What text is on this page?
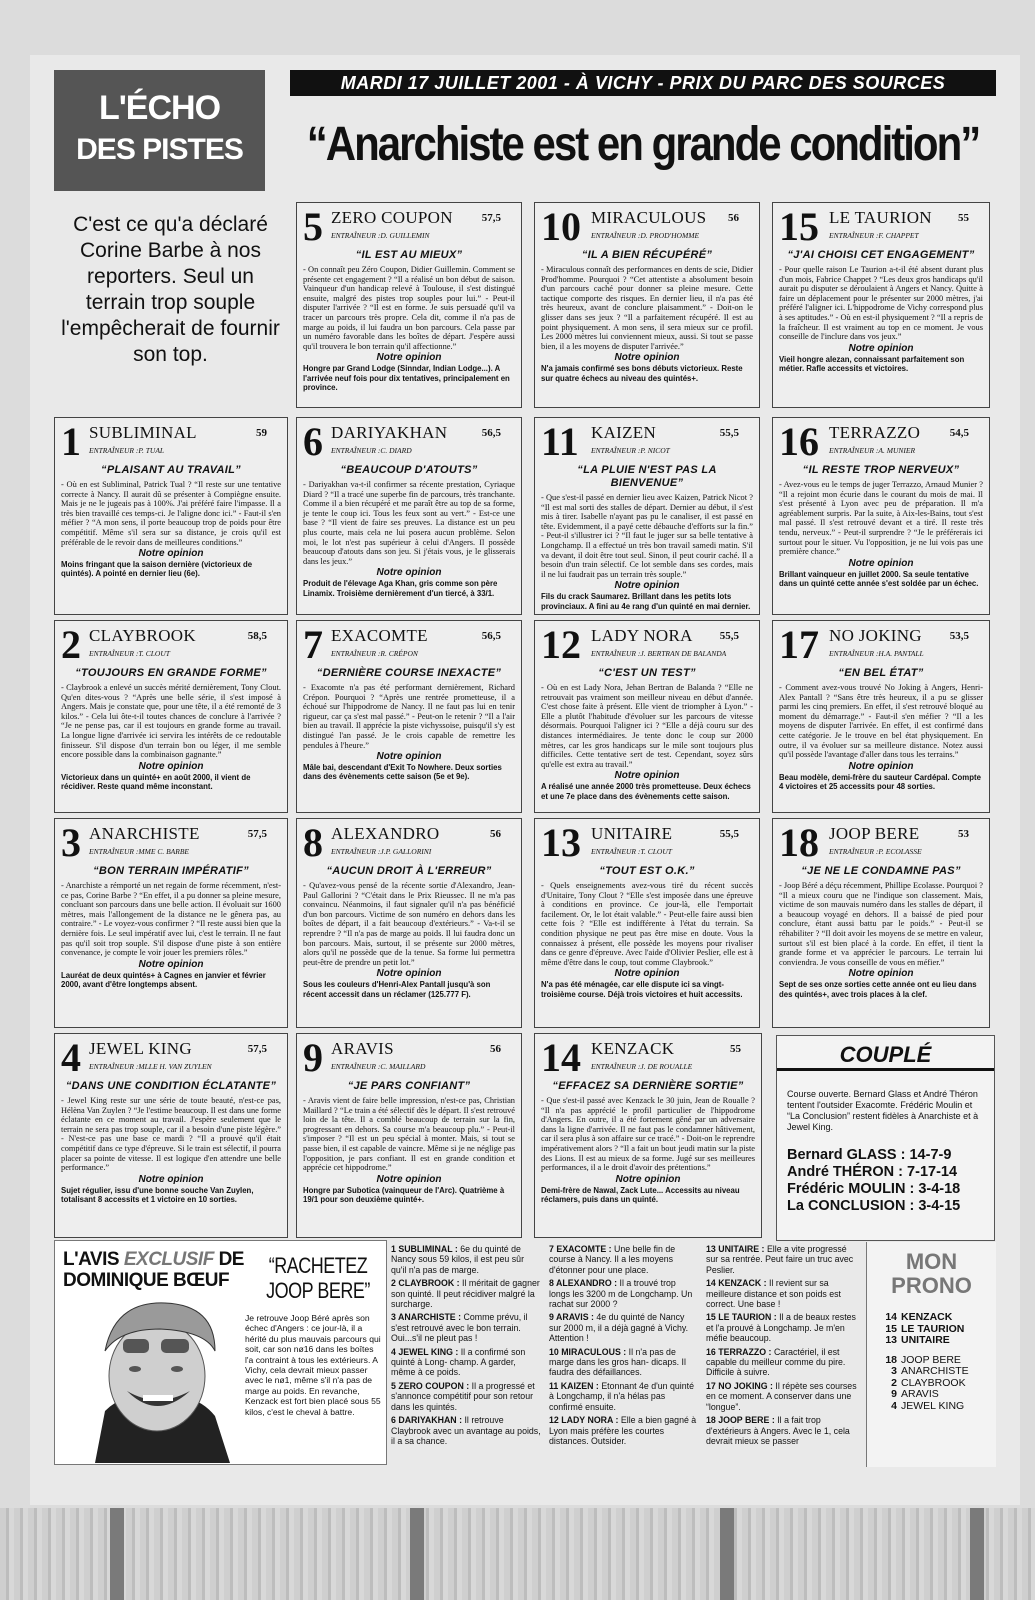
L'ÉCHO
DES PISTES
MARDI 17 JUILLET 2001 - À VICHY - PRIX DU PARC DES SOURCES
“Anarchiste est en grande condition”
C'est ce qu'a déclaré Corine Barbe à nos reporters. Seul un terrain trop souple l'empêcherait de fournir son top.
5 ZERO COUPON	57,5
ENTRAÎNEUR :D. GUILLEMIN
“IL EST AU MIEUX”
- On connaît peu Zéro Coupon, Didier Guillemin. Comment se présente cet engagement ? “Il a réalisé un bon début de saison. Vainqueur d'un handicap relevé à Toulouse, il s'est distingué ensuite, malgré des pistes trop souples pour lui.” - Peut-il disputer l'arrivée ? “Il est en forme. Je suis persuadé qu'il va tracer un parcours très propre. Cela dit, comme il n'a pas de marge au poids, il lui faudra un bon parcours. Cela passe par un numéro favorable dans les boîtes de départ. J'espère aussi qu'il trouvera le bon terrain qu'il affectionne.”
Notre opinion
Hongre par Grand Lodge (Sinndar, Indian Lodge...). A l'arrivée neuf fois pour dix tentatives, principalement en province.
10 MIRACULOUS 56
ENTRAÎNEUR :D. PROD'HOMME
“IL A BIEN RÉCUPÉRÉ”
- Miraculous connaît des performances en dents de scie, Didier Prod'homme. Pourquoi ? “Cet attentiste a absolument besoin d'un parcours caché pour donner sa pleine mesure. Cette tactique comporte des risques. En dernier lieu, il n'a pas été très heureux, avant de conclure plaisamment.” - Doit-on le glisser dans ses jeux ? “Il a parfaitement récupéré. Il est au point physiquement. A mon sens, il sera mieux sur ce profil. Les 2000 mètres lui conviennent mieux, aussi. Si tout se passe bien, il a les moyens de disputer l'arrivée.”
Notre opinion
N'a jamais confirmé ses bons débuts victorieux. Reste sur quatre échecs au niveau des quintés+.
15 LE TAURION 55
ENTRAÎNEUR :F. CHAPPET
“J'AI CHOISI CET ENGAGEMENT”
- Pour quelle raison Le Taurion a-t-il été absent durant plus d'un mois, Fabrice Chappet ? “Les deux gros handicaps qu'il aurait pu disputer se déroulaient à Angers et Nancy. Quitte à faire un déplacement pour le présenter sur 2000 mètres, j'ai préféré l'aligner ici. L'hippodrome de Vichy correspond plus à ses aptitudes.” - Où en est-il physiquement ? “Il a repris de la fraîcheur. Il est vraiment au top en ce moment. Je vous conseille de l'inclure dans vos jeux.”
Notre opinion
Vieil hongre alezan, connaissant parfaitement son métier. Rafle accessits et victoires.
1 SUBLIMINAL	59
ENTRAÎNEUR :P. TUAL
“PLAISANT AU TRAVAIL”
- Où en est Subliminal, Patrick Tual ? “Il reste sur une tentative correcte à Nancy. Il aurait dû se présenter à Compiègne ensuite. Mais je ne le jugeais pas à 100%. J'ai préféré faire l'impasse. Il a très bien travaillé ces temps-ci. Je l'aligne donc ici.” - Faut-il s'en méfier ? “A mon sens, il porte beaucoup trop de poids pour être compétitif. Même s'il sera sur sa distance, je crois qu'il est préférable de le revoir dans de meilleures conditions.”
Notre opinion
Moins fringant que la saison dernière (victorieux de quintés). A pointé en dernier lieu (6e).
6 DARIYAKHAN	56,5
ENTRAÎNEUR :C. DIARD
“BEAUCOUP D'ATOUTS”
- Dariyakhan va-t-il confirmer sa récente prestation, Cyriaque Diard ? “Il a tracé une superbe fin de parcours, très tranchante. Comme il a bien récupéré et me paraît être au top de sa forme, je tente le coup ici. Tous les feux sont au vert.” - Est-ce une base ? “Il vient de faire ses preuves. La distance est un peu plus courte, mais cela ne lui posera aucun problème. Selon moi, le lot n'est pas supérieur à celui d'Angers. Il possède beaucoup d'atouts dans son jeu. Si j'étais vous, je le glisserais dans les jeux.”
Notre opinion
Produit de l'élevage Aga Khan, gris comme son père Linamix. Troisième dernièrement d'un tiercé, à 33/1.
11 KAIZEN	55,5
ENTRAÎNEUR :P. NICOT
“LA PLUIE N'EST PAS LA BIENVENUE”
- Que s'est-il passé en dernier lieu avec Kaizen, Patrick Nicot ? “Il est mal sorti des stalles de départ. Dernier au début, il s'est mis à tirer. Isabelle n'ayant pas pu le canaliser, il est passé en tête. Evidemment, il a payé cette débauche d'efforts sur la fin.” - Peut-il s'illustrer ici ? “Il faut le juger sur sa belle tentative à Longchamp. Il a effectué un très bon travail samedi matin. S'il va devant, il doit être tout seul. Sinon, il peut courir caché. Il a besoin d'un train sélectif. Ce lot semble dans ses cordes, mais il ne lui faudrait pas un terrain très souple.”
Notre opinion
Fils du crack Saumarez. Brillant dans les petits lots provinciaux. A fini au 4e rang d'un quinté en mai dernier.
16 TERRAZZO	54,5
ENTRAÎNEUR :A. MUNIER
“IL RESTE TROP NERVEUX”
- Avez-vous eu le temps de juger Terrazzo, Arnaud Munier ? “Il a rejoint mon écurie dans le courant du mois de mai. Il s'est présenté à Lyon avec peu de préparation. Il m'a agréablement surpris. Par la suite, à Aix-les-Bains, tout s'est mal passé. Il s'est retrouvé devant et a tiré. Il reste très tendu, nerveux.” - Peut-il surprendre ? “Je le préférerais ici surtout pour le situer. Vu l'opposition, je ne lui vois pas une première chance.”
Notre opinion
Brillant vainqueur en juillet 2000. Sa seule tentative dans un quinté cette année s'est soldée par un échec.
2 CLAYBROOK	58,5
ENTRAÎNEUR :T. CLOUT
“TOUJOURS EN GRANDE FORME”
- Claybrook a enlevé un succès mérité dernièrement, Tony Clout. Qu'en dites-vous ? “Après une belle série, il s'est imposé à Angers. Mais je constate que, pour une tête, il a été remonté de 3 kilos.” - Cela lui ôte-t-il toutes chances de conclure à l'arrivée ? “Je ne pense pas, car il est toujours en grande forme au travail. La longue ligne d'arrivée ici servira les intérêts de ce redoutable finisseur. S'il dispose d'un terrain bon ou léger, il me semble encore possible dans la combinaison gagnante.”
Notre opinion
Victorieux dans un quinté+ en août 2000, il vient de récidiver. Reste quand même inconstant.
7 EXACOMTE	56,5
ENTRAÎNEUR :R. CRÉPON
“DERNIÈRE COURSE INEXACTE”
- Exacomte n'a pas été performant dernièrement, Richard Crépon. Pourquoi ? “Après une rentrée prometteuse, il a échoué sur l'hippodrome de Nancy. Il ne faut pas lui en tenir rigueur, car ça s'est mal passé.” - Peut-on le retenir ? “Il a l'air bien au travail. Il apprécie la piste vichyssoise, puisqu'il s'y est distingué l'an passé. Je le crois capable de remettre les pendules à l'heure.”
Notre opinion
Mâle bai, descendant d'Exit To Nowhere. Deux sorties dans des évènements cette saison (5e et 9e).
12 LADY NORA 55,5
ENTRAÎNEUR :J. BERTRAN DE BALANDA
“C'EST UN TEST”
- Où en est Lady Nora, Jehan Bertran de Balanda ? “Elle ne retrouvait pas vraiment son meilleur niveau en début d'année. C'est chose faite à présent. Elle vient de triompher à Lyon.” - Elle a plutôt l'habitude d'évoluer sur les parcours de vitesse désormais. Pourquoi l'aligner ici ? “Elle a déjà couru sur des distances intermédiaires. Je tente donc le coup sur 2000 mètres, car les gros handicaps sur le mile sont toujours plus difficiles. Cette tentative sert de test. Cependant, soyez sûrs qu'elle est extra au travail.”
Notre opinion
A réalisé une année 2000 très prometteuse. Deux échecs et une 7e place dans des évènements cette saison.
17 NO JOKING	53,5
ENTRAÎNEUR :H.A. PANTALL
“EN BEL ÉTAT”
- Comment avez-vous trouvé No Joking à Angers, Henri-Alex Pantall ? “Sans être très heureux, il a pu se glisser parmi les cinq premiers. En effet, il s'est retrouvé bloqué au moment du démarrage.” - Faut-il s'en méfier ? “Il a les moyens de disputer l'arrivée. En effet, il est confirmé dans cette catégorie. Je le trouve en bel état physiquement. En outre, il va évoluer sur sa meilleure distance. Notez aussi qu'il possède l'avantage d'aller dans tous les terrains.”
Notre opinion
Beau modèle, demi-frère du sauteur Cardépal. Compte 4 victoires et 25 accessits pour 48 sorties.
3 ANARCHISTE	57,5
ENTRAÎNEUR :MME C. BARBE
“BON TERRAIN IMPÉRATIF”
- Anarchiste a rémporté un net regain de forme récemment, n'est-ce pas, Corine Barbe ? “En effet, il a pu donner sa pleine mesure, concluant son parcours dans une belle action. Il évoluait sur 1600 mètres, mais l'allongement de la distance ne le gênera pas, au contraire.” - Le voyez-vous confirmer ? “Il reste aussi bien que la dernière fois. Le seul impératif avec lui, c'est le terrain. Il ne faut pas qu'il soit trop souple. S'il dispose d'une piste à son entière convenance, je compte le voir jouer les premiers rôles.”
Notre opinion
Lauréat de deux quintés+ à Cagnes en janvier et février 2000, avant d'être longtemps absent.
8 ALEXANDRO	56
ENTRAÎNEUR :J.P. GALLORINI
“AUCUN DROIT À L'ERREUR”
- Qu'avez-vous pensé de la récente sortie d'Alexandro, Jean-Paul Gallorini ? “C'était dans le Prix Rieussec. Il ne m'a pas convaincu. Néanmoins, il faut signaler qu'il n'a pas bénéficié d'un bon parcours. Victime de son numéro en dehors dans les boîtes de départ, il a fait beaucoup d'extérieurs.” - Va-t-il se reprendre ? “Il n'a pas de marge au poids. Il lui faudra donc un bon parcours. Mais, surtout, il se présente sur 2000 mètres, alors qu'il ne possède que de la tenue. Sa forme lui permettra peut-être de prendre un petit lot.”
Notre opinion
Sous les couleurs d'Henri-Alex Pantall jusqu'à son récent accessit dans un réclamer (125.777 F).
13 UNITAIRE	55,5
ENTRAÎNEUR :T. CLOUT
“TOUT EST O.K.”
- Quels enseignements avez-vous tiré du récent succès d'Unitaire, Tony Clout ? “Elle s'est imposée dans une épreuve à conditions en province. Ce jour-là, elle l'emportait facilement. Or, le lot était valable.” - Peut-elle faire aussi bien cette fois ? “Elle est indifférente à l'état du terrain. Sa condition physique ne peut pas être mise en doute. Vous la connaissez à présent, elle possède les moyens pour rivaliser dans ce genre d'épreuve. Avec l'aide d'Olivier Peslier, elle est à même d'être dans le coup, tout comme Claybrook.”
Notre opinion
N'a pas été ménagée, car elle dispute ici sa vingt-troisième course. Déjà trois victoires et huit accessits.
18 JOOP BERE	53
ENTRAÎNEUR :P. ECOLASSE
“JE NE LE CONDAMNE PAS”
- Joop Béré a déçu récemment, Phillipe Ecolasse. Pourquoi ? “Il a mieux couru que ne l'indique son classement. Mais, victime de son mauvais numéro dans les stalles de départ, il a beaucoup voyagé en dehors. Il a baissé de pied pour conclure, étant aussi battu par le poids.” - Peut-il se réhabiliter ? “Il doit avoir les moyens de se mettre en valeur, surtout s'il est bien placé à la corde. En effet, il tient la grande forme et va apprécier le parcours. Le terrain lui conviendra. Je vous conseille de vous en méfier.”
Notre opinion
Sept de ses onze sorties cette année ont eu lieu dans des quintés+, avec trois places à la clef.
4 JEWEL KING	57,5
ENTRAÎNEUR :MLLE H. VAN ZUYLEN
“DANS UNE CONDITION ÉCLATANTE”
- Jewel King reste sur une série de toute beauté, n'est-ce pas, Hélèna Van Zuylen ? “Je l'estime beaucoup. Il est dans une forme éclatante en ce moment au travail. J'espère seulement que le terrain ne sera pas trop souple, car il a besoin d'une piste légère.” - N'est-ce pas une base ce mardi ? “Il a prouvé qu'il était compétitif dans ce type d'épreuve. Si le train est sélectif, il pourra placer sa pointe de vitesse. Il est logique d'en attendre une belle performance.”
Notre opinion
Sujet régulier, issu d'une bonne souche Van Zuylen, totalisant 8 accessits et 1 victoire en 10 sorties.
9 ARAVIS	56
ENTRAÎNEUR :C. MAILLARD
“JE PARS CONFIANT”
- Aravis vient de faire belle impression, n'est-ce pas, Christian Maillard ? “Le train a été sélectif dès le départ. Il s'est retrouvé loin de la tête. Il a comblé beaucoup de terrain sur la fin, progressant en dehors. Sa course m'a beaucoup plu.” - Peut-il s'imposer ? “Il est un peu spécial à monter. Mais, si tout se passe bien, il est capable de vaincre. Même si je ne néglige pas l'opposition, je pars confiant. Il est en grande condition et apprécie cet hippodrome.”
Notre opinion
Hongre par Subotica (vainqueur de l'Arc). Quatrième à 19/1 pour son deuxième quinté+.
14 KENZACK	55
ENTRAÎNEUR :J. DE ROUALLE
“EFFACEZ SA DERNIÈRE SORTIE”
- Que s'est-il passé avec Kenzack le 30 juin, Jean de Roualle ? “Il n'a pas apprécié le profil particulier de l'hippodrome d'Angers. En outre, il a été fortement gêné par un adversaire dans la ligne d'arrivée. Il ne faut pas le condamner hâtivement, car il sera plus à son affaire sur ce tracé.” - Doit-on le reprendre impérativement alors ? “Il a fait un bout jeudi matin sur la piste des Lions. Il est au mieux de sa forme. Jugé sur ses meilleures performances, il a le droit d'avoir des prétentions.”
Notre opinion
Demi-frère de Nawal, Zack Lute... Accessits au niveau réclamers, puis dans un quinté.
COUPLÉ
Course ouverte. Bernard Glass et André Théron tentent l'outsider Exacomte. Frédéric Moulin et “La Conclusion” restent fidèles à Anarchiste et à Jewel King.
Bernard GLASS : 14-7-9
André THÉRON : 7-17-14
Frédéric MOULIN : 3-4-18
La CONCLUSION : 3-4-15
L'AVIS EXCLUSIF DE DOMINIQUE BŒUF
“RACHETEZ JOOP BERE”
Je retrouve Joop Béré après son échec d'Angers : ce jour-là, il a hérité du plus mauvais parcours qui soit, car son nø16 dans les boîtes l'a contraint à tous les extérieurs. A Vichy, cela devrait mieux passer avec le nø1, même s'il n'a pas de marge au poids. En revanche, Kenzack est fort bien placé sous 55 kilos, c'est le cheval à battre.

1 SUBLIMINAL : 6e du quinté de Nancy sous 59 kilos, il est peu sûr qu'il n'a pas de marge.

2 CLAYBROOK : Il méritait de gagner son quinté. Il peut récidiver malgré la surcharge.

3 ANARCHISTE : Comme prévu, il s'est retrouvé avec le bon terrain. Oui...s'il ne pleut pas !

4 JEWEL KING : Il a confirmé son quinté à Long- champ. A garder, même à ce poids.

5 ZERO COUPON : Il a progressé et s'annonce compétitif pour son retour dans les quintés.

6 DARIYAKHAN : Il retrouve Claybrook avec un avantage au poids, il a sa chance.

7 EXACOMTE : Une belle fin de course à Nancy. Il a les moyens d'étonner pour une place.

8 ALEXANDRO : Il a trouvé trop longs les 3200 m de Longchamp. Un rachat sur 2000 ?

9 ARAVIS : 4e du quinté de Nancy sur 2000 m, il a déjà gagné à Vichy. Attention !

10 MIRACULOUS : Il n'a pas de marge dans les gros han- dicaps. Il faudra des défaillances.

11 KAIZEN : Etonnant 4e d'un quinté à Longchamp, il n'a hélas pas confirmé ensuite.

12 LADY NORA : Elle a bien gagné à Lyon mais préfère les courtes distances. Outsider.

13 UNITAIRE : Elle a vite progressé sur sa rentrée. Peut faire un truc avec Peslier.

14 KENZACK : Il revient sur sa meilleure distance et son poids est correct. Une base !

15 LE TAURION : Il a de beaux restes et l'a prouvé à Longchamp. Je m'en méfie beaucoup.

16 TERRAZZO : Caractériel, il est capable du meilleur comme du pire. Difficile à suivre.

17 NO JOKING : Il répète ses courses en ce moment. A conserver dans une “longue”.

18 JOOP BERE : Il a fait trop d'extérieurs à Angers. Avec le 1, cela devrait mieux se passer

MON
PRONO
14 KENZACK
15 LE TAURION
13 UNITAIRE
18 JOOP BERE
3 ANARCHISTE
2 CLAYBROOK
9 ARAVIS
4 JEWEL KING
